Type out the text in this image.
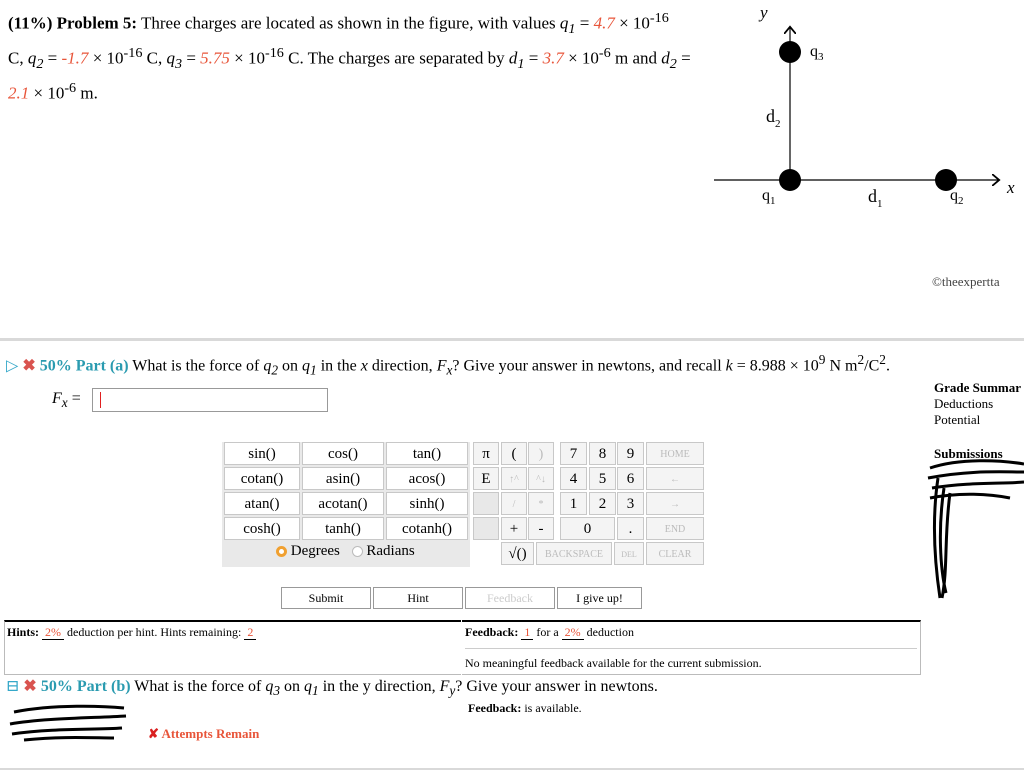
(11%) Problem 5: Three charges are located as shown in the figure, with values $q_1 = 4.7 \times 10^{-16}$
C, $q_2 = -1.7 \times 10^{-16}$ C, $q_3 = 5.75 \times 10^{-16}$ C. The charges are separated by $d_1 = 3.7 \times 10^{-6}$ m and $d_2$ =
$2.1 \times 10^{-6}$ m.
y
x
$q_3$
$d_2$
$q_1$	$d_1$	$q_2$
©theexpertta
▷ ✖ 50% Part (a) What is the force of $q_2$ on $q_1$ in the x direction, $F_x$? Give your answer in newtons, and recall $k = 8.988 \times 10^9$ N $m^2/C^2$.
$F_x$ =
Grade Summar
Deductions
Potential
Submissions
Degrees Radians
π
E
(	)
↑^	^↓
/	*
+	-
√()
0	.
HOME
←
→
END
BACKSPACE	DEL	CLEAR
Submit	Hint	Feedback	I give up!
Hints: 2% deduction per hint. Hints remaining: 2	Feedback: 1 for a 2% deduction
No meaningful feedback available for the current submission.
⊟ ✖ 50% Part (b) What is the force of $q_3$ on $q_1$ in the y direction, $F_y$? Give your answer in newtons.
Feedback: is available.
✘ Attempts Remain
sin()	cos()	tan()
cotan()	asin()	acos()
atan()	acotan()	sinh()
cosh()	tanh()	cotanh()
7	8	9
4	5	6
1	2	3
